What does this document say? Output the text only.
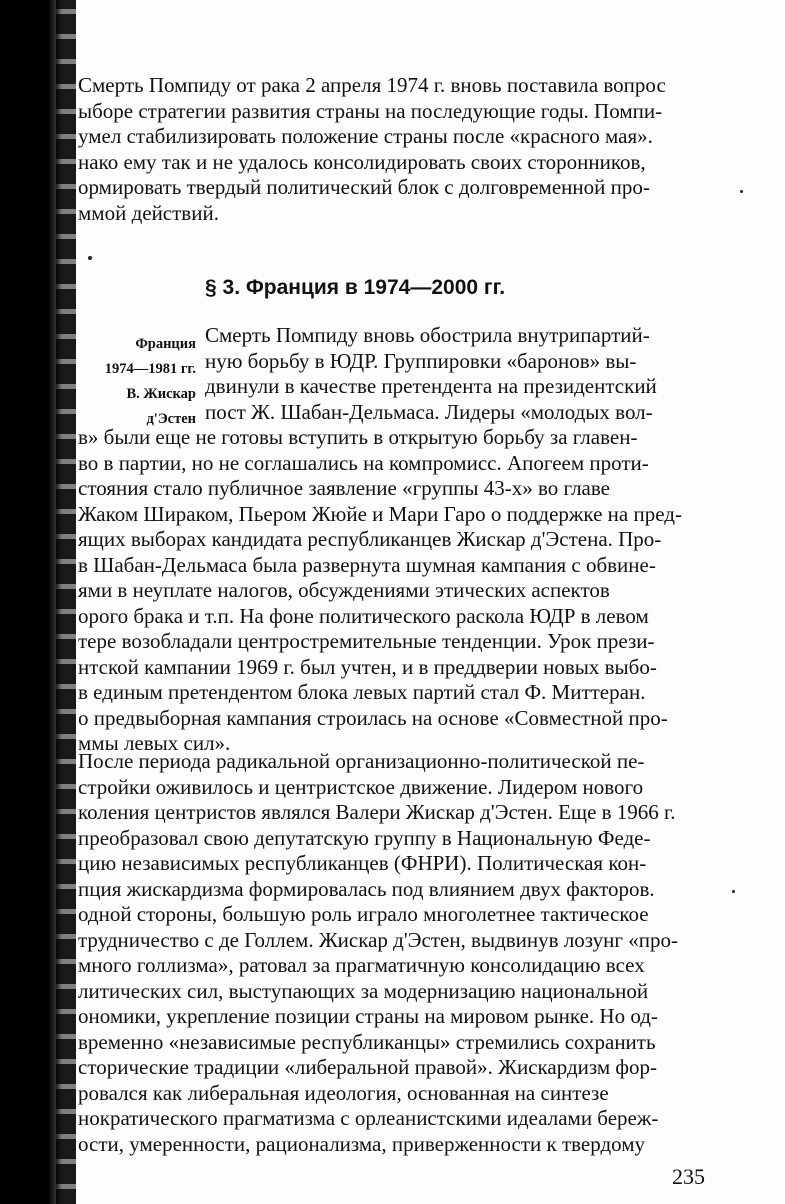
Смерть Помпиду от рака 2 апреля 1974 г. вновь поставила вопрос
ыборе стратегии развития страны на последующие годы. Помпи-
умел стабилизировать положение страны после «красного мая».
нако ему так и не удалось консолидировать своих сторонников,
ормировать твердый политический блок с долговременной про-
ммой действий.
§ 3. Франция в 1974—2000 гг.
Франция
1974—1981 гг.
В. Жискар
д'Эстен
Смерть Помпиду вновь обострила внутрипартий-
ную борьбу в ЮДР. Группировки «баронов» вы-
двинули в качестве претендента на президентский
пост Ж. Шабан-Дельмаса. Лидеры «молодых вол-
в» были еще не готовы вступить в открытую борьбу за главен-
во в партии, но не соглашались на компромисс. Апогеем проти-
стояния стало публичное заявление «группы 43-х» во главе
Жаком Шираком, Пьером Жюйе и Мари Гаро о поддержке на пред-
ящих выборах кандидата республиканцев Жискар д'Эстена. Про-
в Шабан-Дельмаса была развернута шумная кампания с обвине-
ями в неуплате налогов, обсуждениями этических аспектов
орого брака и т.п. На фоне политического раскола ЮДР в левом
тере возобладали центростремительные тенденции. Урок прези-
нтской кампании 1969 г. был учтен, и в преддверии новых выбо-
в единым претендентом блока левых партий стал Ф. Миттеран.
о предвыборная кампания строилась на основе «Совместной про-
ммы левых сил».
После периода радикальной организационно-политической пе-
стройки оживилось и центристское движение. Лидером нового
коления центристов являлся Валери Жискар д'Эстен. Еще в 1966 г.
преобразовал свою депутатскую группу в Национальную Феде-
цию независимых республиканцев (ФНРИ). Политическая кон-
пция жискардизма формировалась под влиянием двух факторов.
одной стороны, большую роль играло многолетнее тактическое
трудничество с де Голлем. Жискар д'Эстен, выдвинув лозунг «про-
много голлизма», ратовал за прагматичную консолидацию всех
литических сил, выступающих за модернизацию национальной
ономики, укрепление позиции страны на мировом рынке. Но од-
временно «независимые республиканцы» стремились сохранить
сторические традиции «либеральной правой». Жискардизм фор-
ровался как либеральная идеология, основанная на синтезе
нократического прагматизма с орлеанистскими идеалами береж-
ости, умеренности, рационализма, приверженности к твердому
235
